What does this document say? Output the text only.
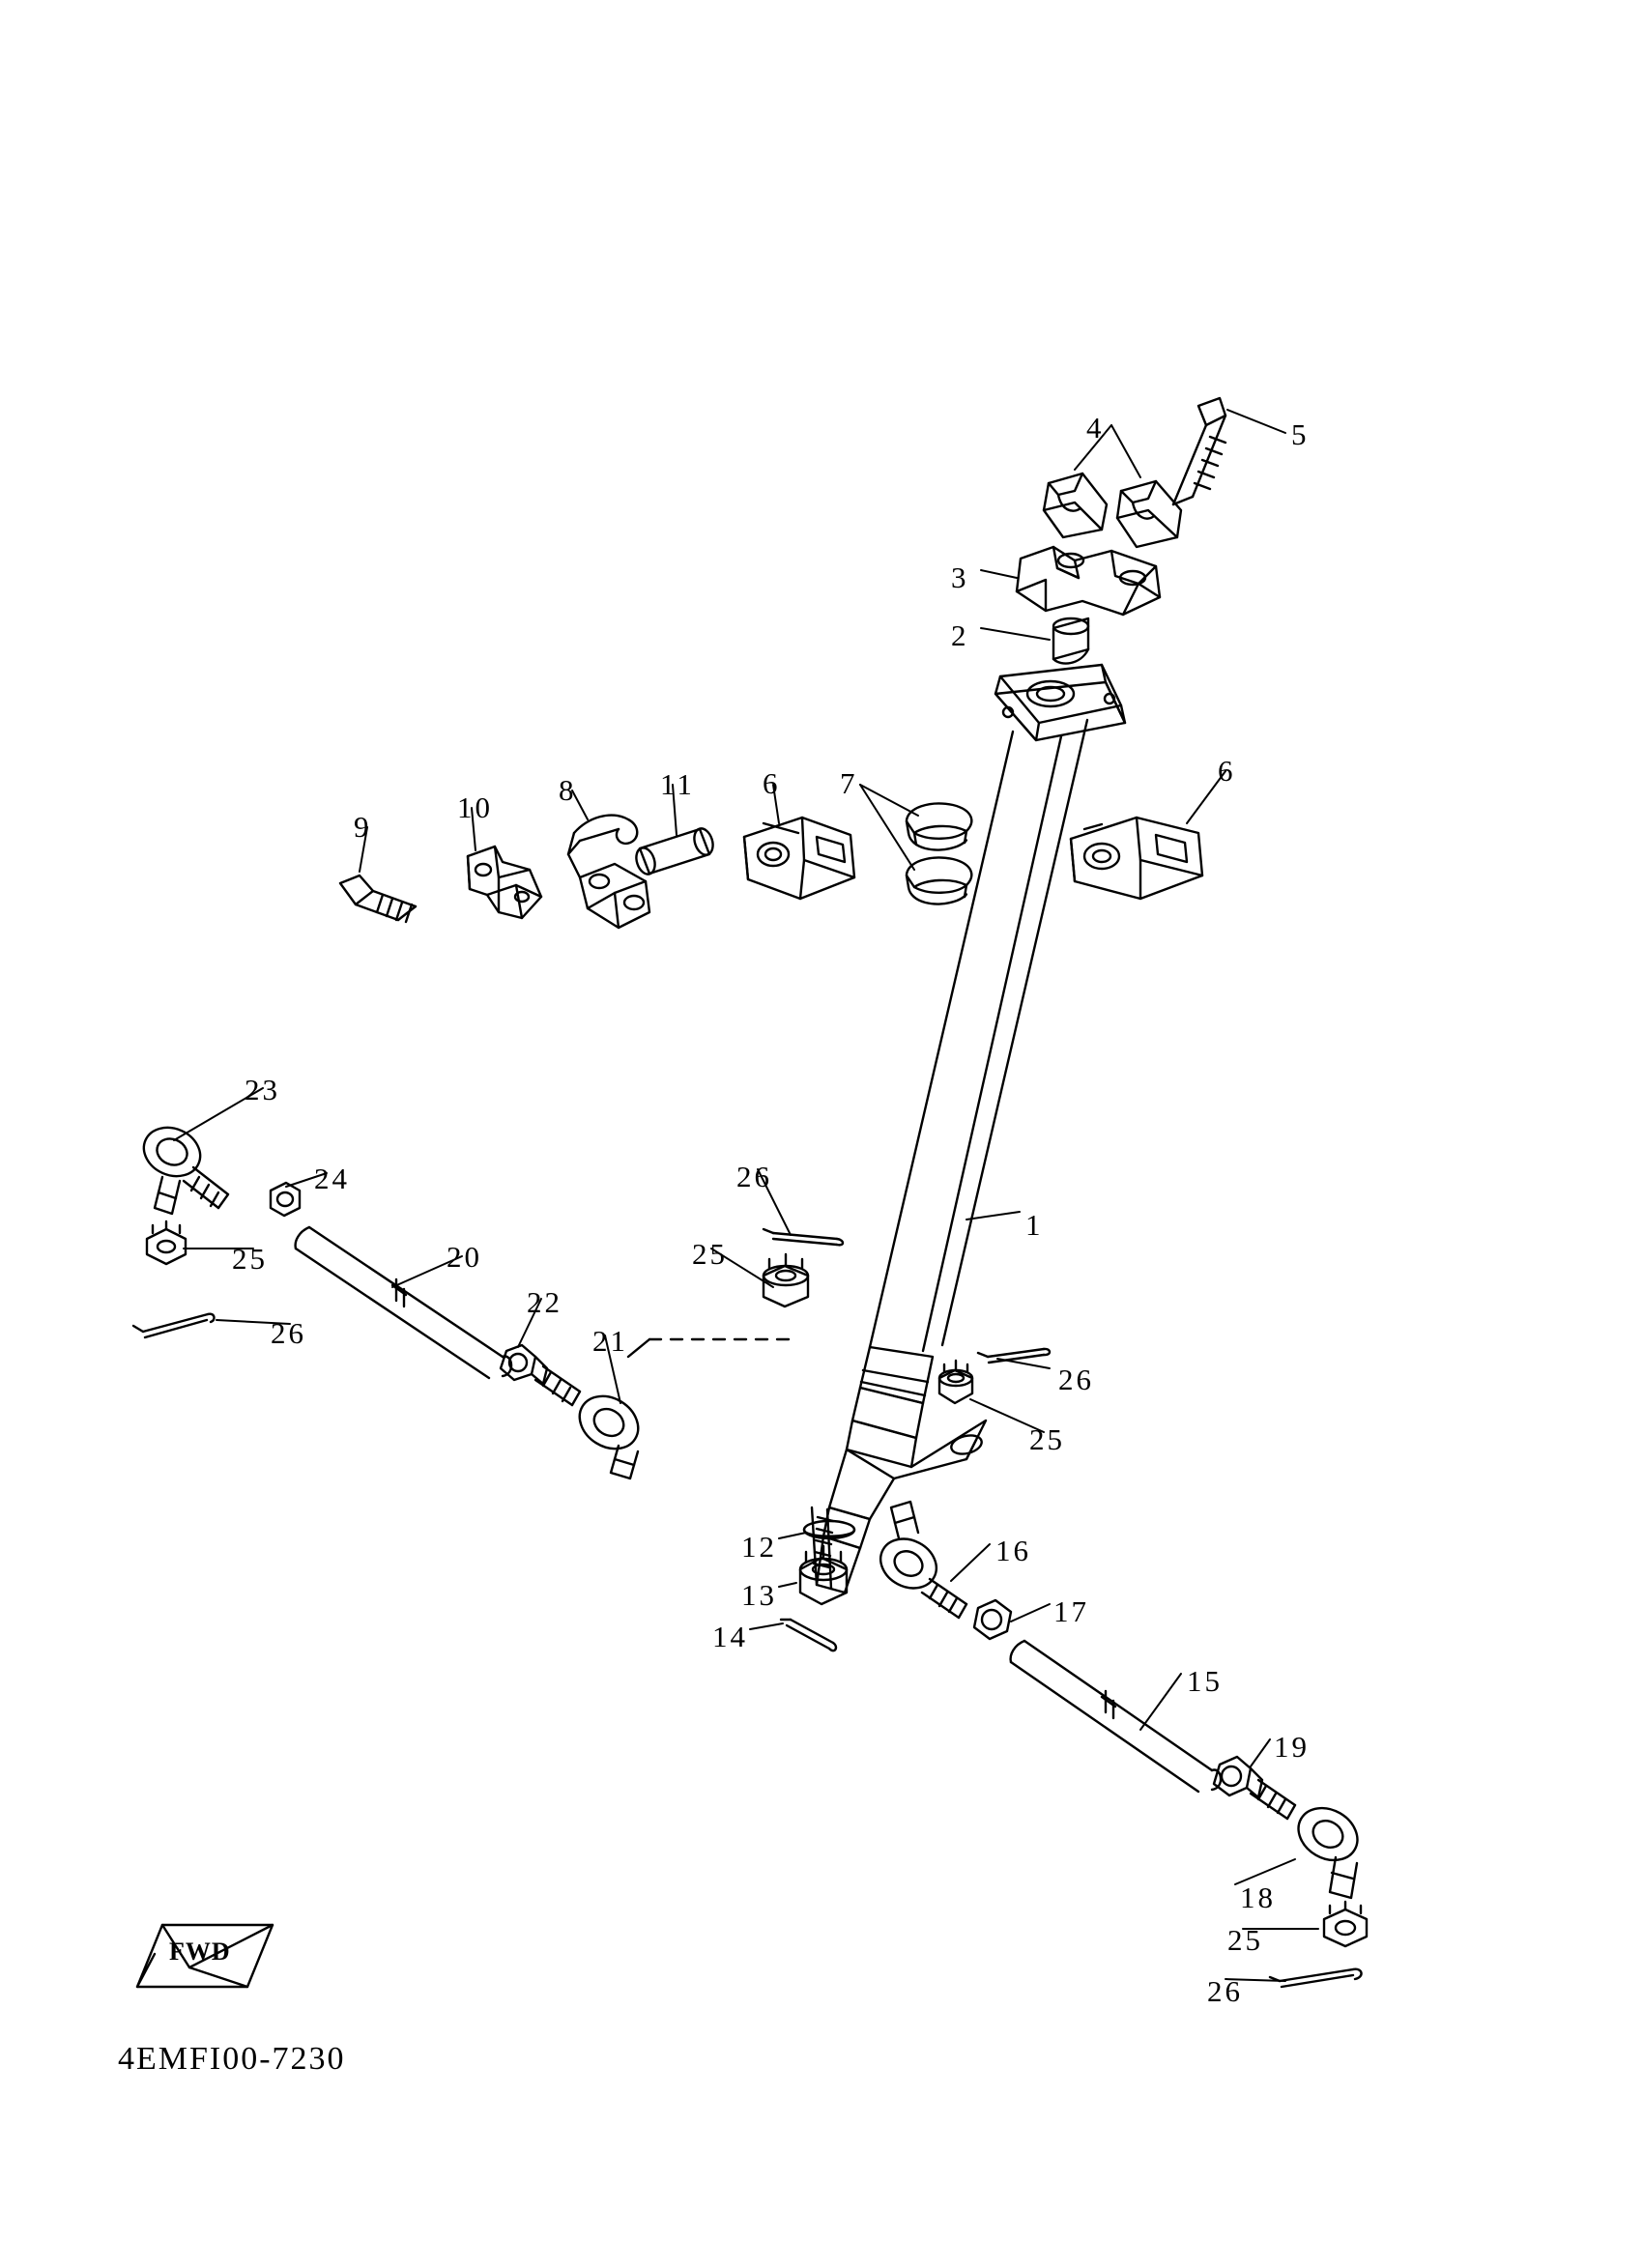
FWD
4EMFI00-7230
1
2
3
4	5
6 7	6
8
9
10
11
12
13
14
15
16
17
18
19
20
21
22
23
24
25	25
25
25
26
26
26
26
